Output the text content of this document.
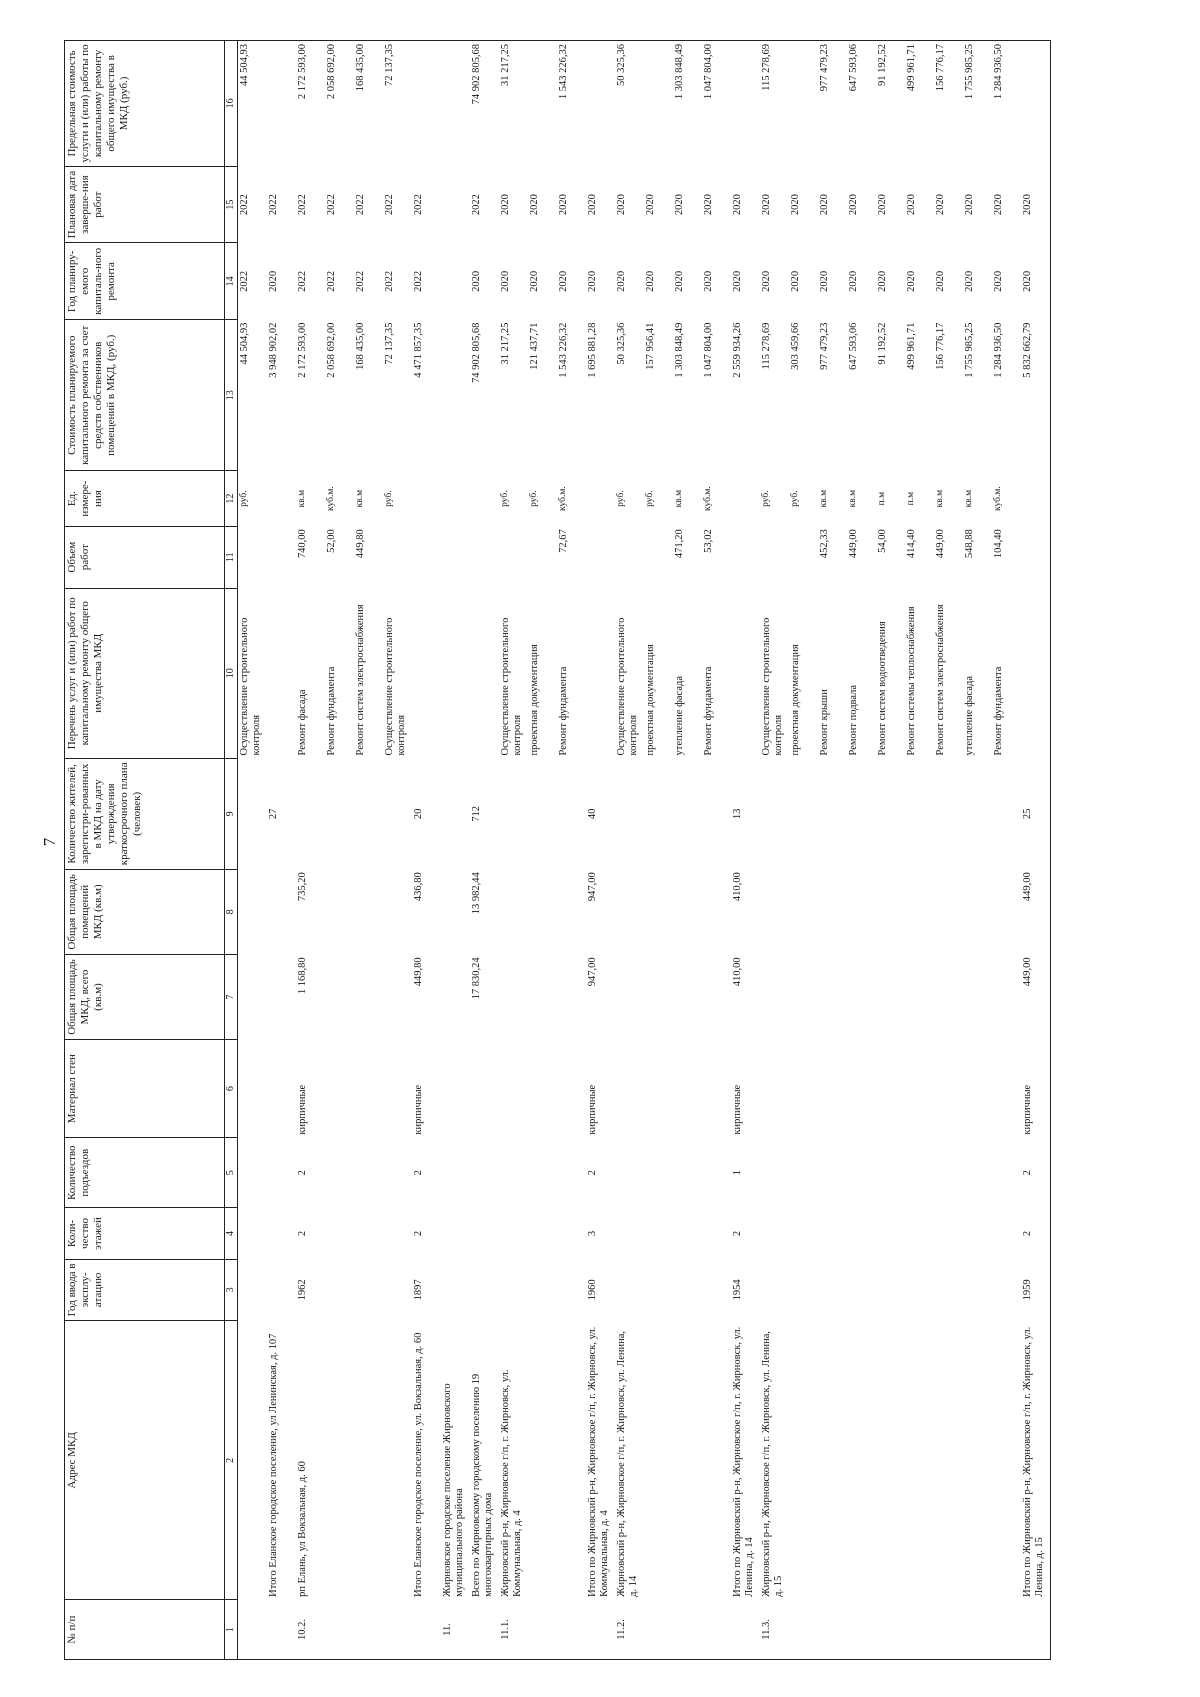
7
№ п/п	Адрес МКД	Год ввода в эксплу-атацию	Коли-чество этажей	Количество подъездов	Материал стен	Общая площадь МКД, всего (кв.м)	Общая площадь помещений МКД (кв.м)	Количество жителей, зарегистри-рованных в МКД на дату утверждения краткосрочного плана (человек)	Перечень услуг и (или) работ по капитальному ремонту общего имущества МКД	Объем работ	Ед. измере-ния	Стоимость планируемого капитального ремонта за счет средств собственников помещений в МКД, (руб.)	Год планиру-емого капиталь-ного ремонта	Плановая дата заверше-ния работ	Предельная стоимость услуги и (или) работы по капитальному ремонту общего имущества в МКД (руб.)
1	2	3	4	5	6	7	8	9	10	11	12	13	14	15	16
									Осуществление строительного контроля		руб.	44 504,93	2022	2022	44 504,93
	Итого Еланское городское поселение, ул Ленинская, д. 107							27				3 948 902,02	2020	2022	
10.2.	рп Елань, ул Вокзальная, д. 60	1962	2	2	кирпичные	1 168,80	735,20		Ремонт фасада	740,00	кв.м	2 172 593,00	2022	2022	2 172 593,00
									Ремонт фундамента	52,00	куб.м.	2 058 692,00	2022	2022	2 058 692,00
									Ремонт систем электроснабжения	449,80	кв.м	168 435,00	2022	2022	168 435,00
									Осуществление строительного контроля		руб.	72 137,35	2022	2022	72 137,35
	Итого Еланское городское поселение, ул. Вокзальная, д. 60	1897	2	2	кирпичные	449,80	436,80	20				4 471 857,35	2022	2022	
11.	Жирновское городское поселение Жирновского муниципального района														
	Всего по Жирновскому городскому поселению 19 многоквартирных дома					17 830,24	13 982,44	712				74 902 805,68	2020	2022	74 902 805,68
11.1.	Жирновский р-н, Жирновское г/п, г. Жирновск, ул. Коммунальная, д. 4								Осуществление строительного контроля		руб.	31 217,25	2020	2020	31 217,25
									проектная документация		руб.	121 437,71	2020	2020	
									Ремонт фундамента	72,67	куб.м.	1 543 226,32	2020	2020	1 543 226,32
	Итого по Жирновский р-н, Жирновское г/п, г. Жирновск, ул. Коммунальная, д. 4	1960	3	2	кирпичные	947,00	947,00	40				1 695 881,28	2020	2020	
11.2.	Жирновский р-н, Жирновское г/п, г. Жирновск, ул. Ленина, д. 14								Осуществление строительного контроля		руб.	50 325,36	2020	2020	50 325,36
									проектная документация		руб.	157 956,41	2020	2020	
									утепление фасада	471,20	кв.м	1 303 848,49	2020	2020	1 303 848,49
									Ремонт фундамента	53,02	куб.м.	1 047 804,00	2020	2020	1 047 804,00
	Итого по Жирновский р-н, Жирновское г/п, г. Жирновск, ул. Ленина, д. 14	1954	2	1	кирпичные	410,00	410,00	13				2 559 934,26	2020	2020	
11.3.	Жирновский р-н, Жирновское г/п, г. Жирновск, ул. Ленина, д. 15								Осуществление строительного контроля		руб.	115 278,69	2020	2020	115 278,69
									проектная документация		руб.	303 459,66	2020	2020	
									Ремонт крыши	452,33	кв.м	977 479,23	2020	2020	977 479,23
									Ремонт подвала	449,00	кв.м	647 593,06	2020	2020	647 593,06
									Ремонт систем водоотведения	54,00	п.м	91 192,52	2020	2020	91 192,52
									Ремонт системы теплоснабжения	414,40	п.м	499 961,71	2020	2020	499 961,71
									Ремонт систем электроснабжения	449,00	кв.м	156 776,17	2020	2020	156 776,17
									утепление фасада	548,88	кв.м	1 755 985,25	2020	2020	1 755 985,25
									Ремонт фундамента	104,40	куб.м.	1 284 936,50	2020	2020	1 284 936,50
	Итого по Жирновский р-н, Жирновское г/п, г. Жирновск, ул. Ленина, д. 15	1959	2	2	кирпичные	449,00	449,00	25				5 832 662,79	2020	2020	
